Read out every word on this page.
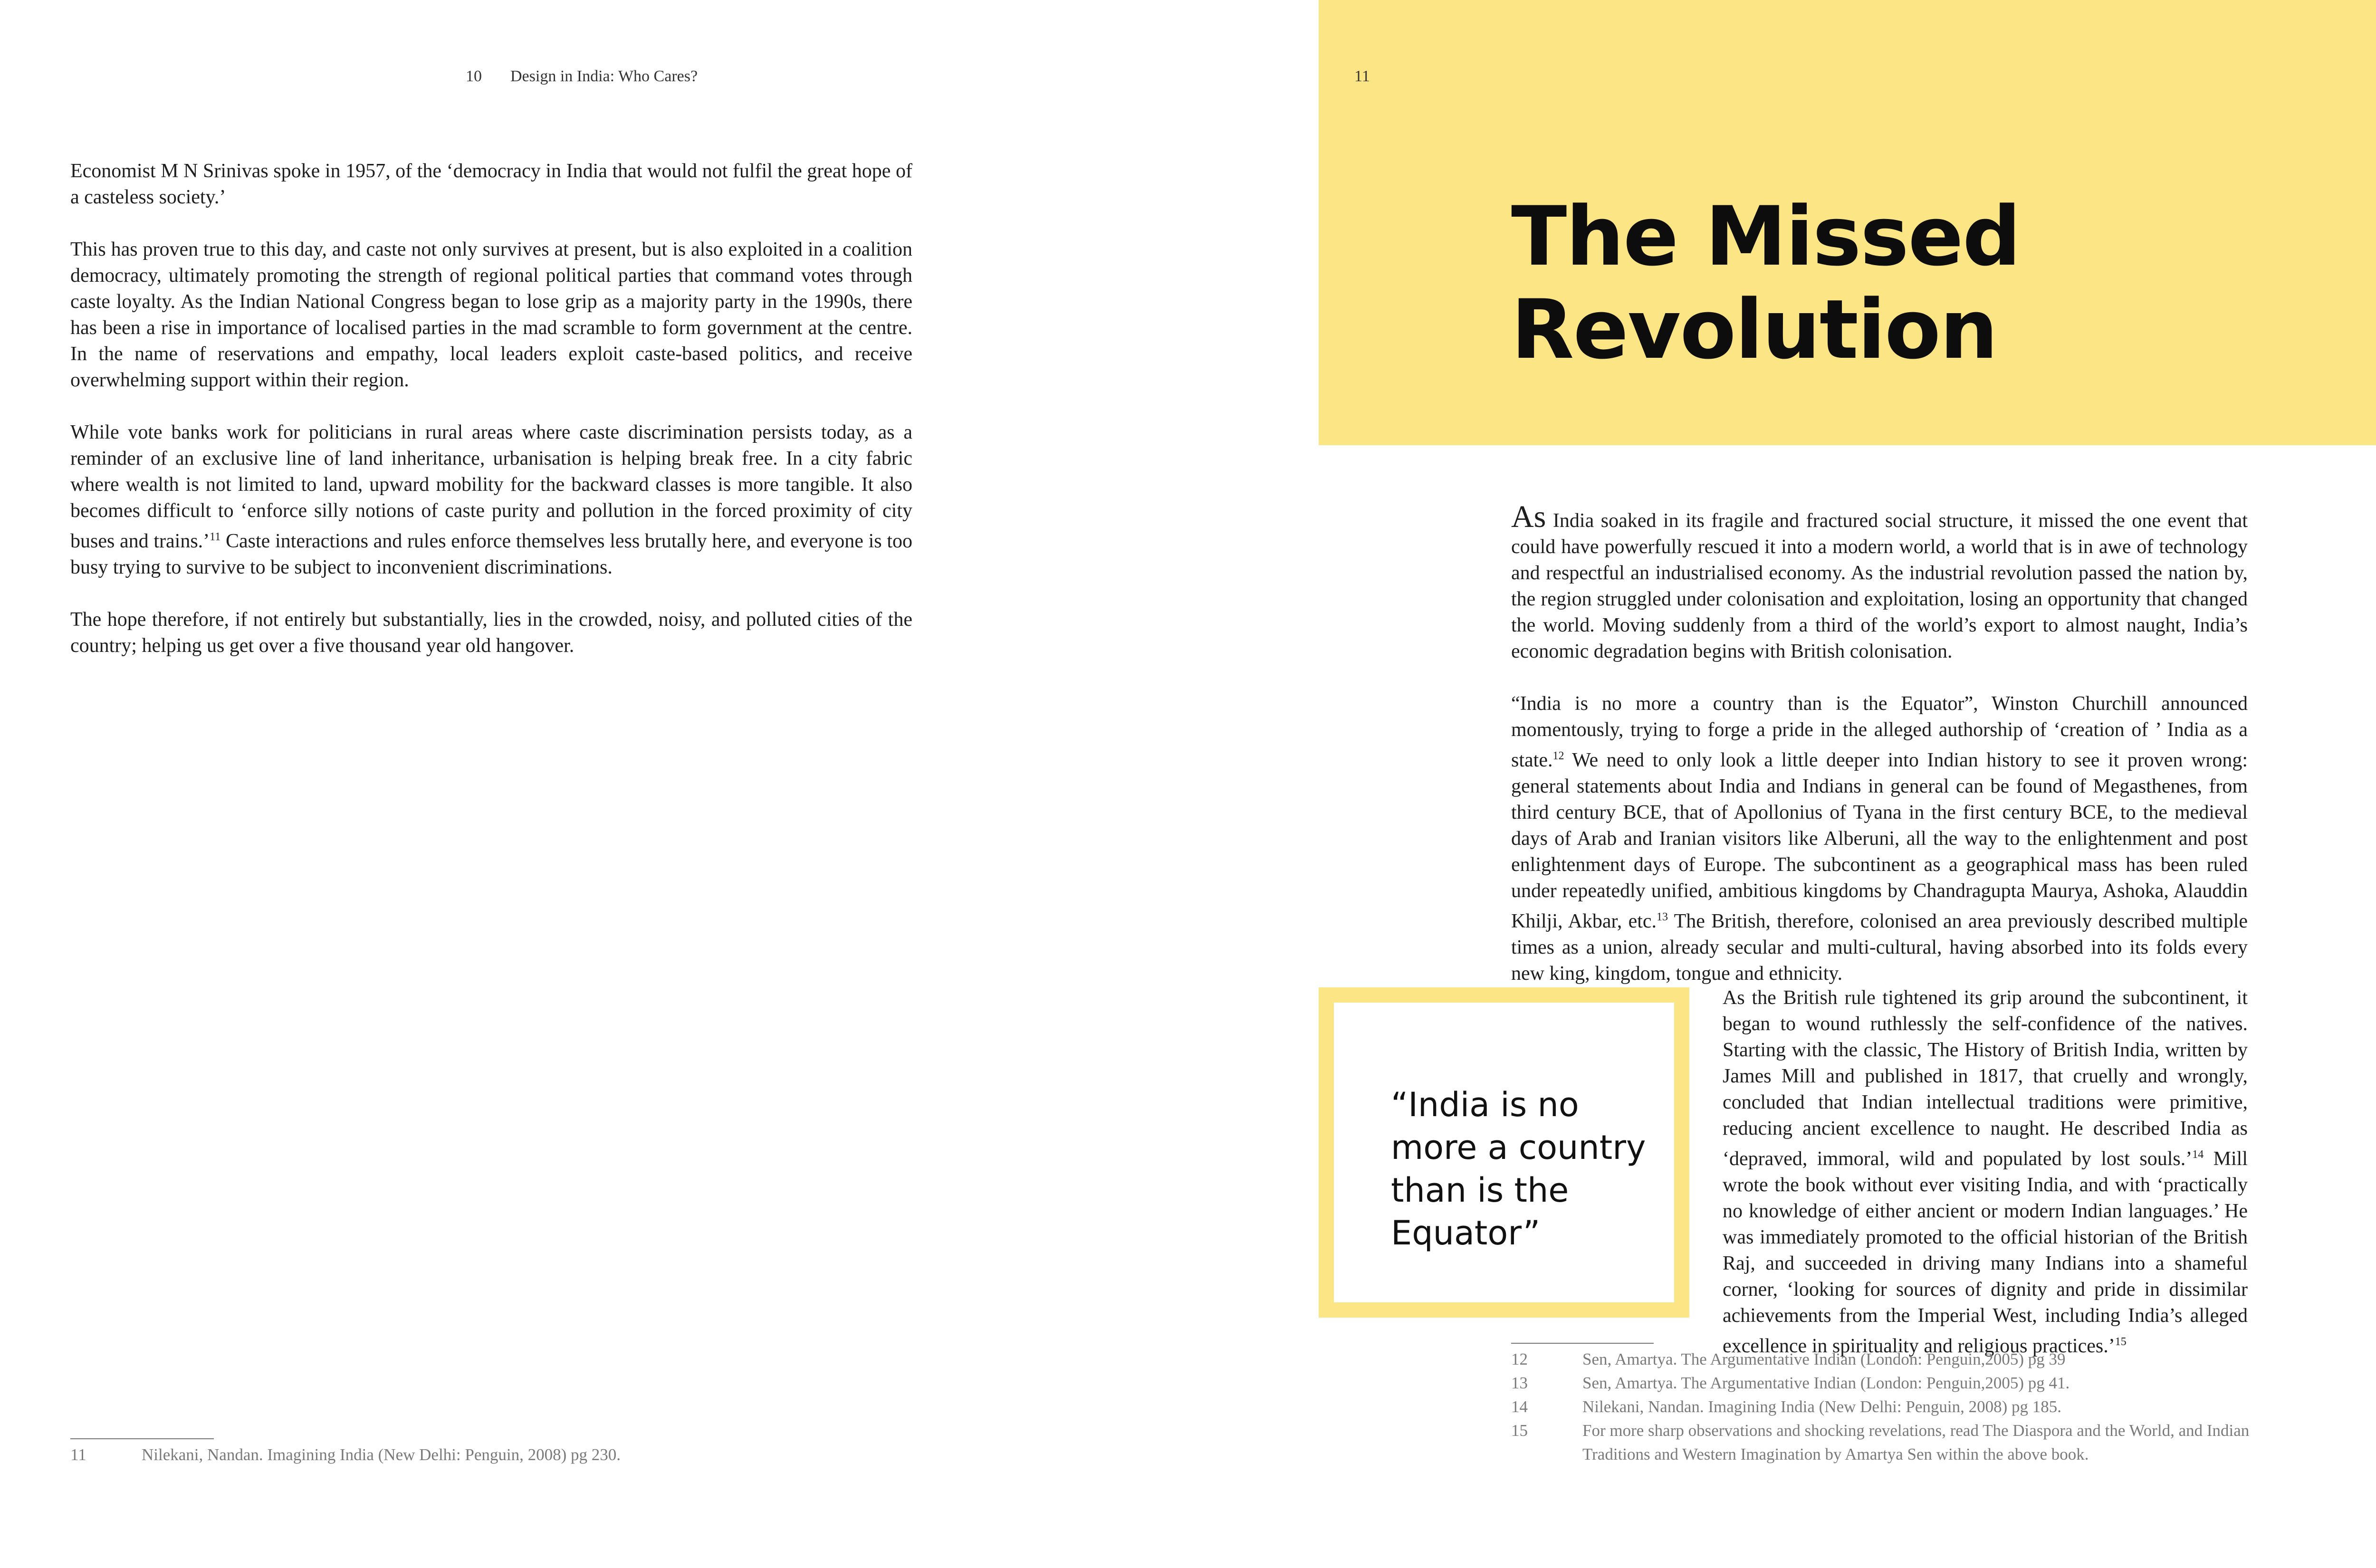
10 Design in India: Who Cares?

Economist M N Srinivas spoke in 1957, of the ‘democracy in India that would not fulfil the great hope of a casteless society.’

This has proven true to this day, and caste not only survives at present, but is also exploited in a coalition democracy, ultimately promoting the strength of regional political parties that command votes through caste loyalty. As the Indian National Congress began to lose grip as a majority party in the 1990s, there has been a rise in importance of localised parties in the mad scramble to form government at the centre. In the name of reservations and empathy, local leaders exploit caste-based politics, and receive overwhelming support within their region.

While vote banks work for politicians in rural areas where caste discrimination persists today, as a reminder of an exclusive line of land inheritance, urbanisation is helping break free. In a city fabric where wealth is not limited to land, upward mobility for the backward classes is more tangible. It also becomes difficult to ‘enforce silly notions of caste purity and pollution in the forced proximity of city buses and trains.’$^{11}$ Caste interactions and rules enforce themselves less brutally here, and everyone is too busy trying to survive to be subject to inconvenient discriminations.

The hope therefore, if not entirely but substantially, lies in the crowded, noisy, and polluted cities of the country; helping us get over a five thousand year old hangover.

11	Nilekani, Nandan. Imagining India (New Delhi: Penguin, 2008) pg 230.
11
The Missed
Revolution

As India soaked in its fragile and fractured social structure, it missed the one event that could have powerfully rescued it into a modern world, a world that is in awe of technology and respectful an industrialised economy. As the industrial revolution passed the nation by, the region struggled under colonisation and exploitation, losing an opportunity that changed the world. Moving suddenly from a third of the world’s export to almost naught, India’s economic degradation begins with British colonisation.

“India is no more a country than is the Equator”, Winston Churchill announced momentously, trying to forge a pride in the alleged authorship of ‘creation of ’ India as a state.$^{12}$ We need to only look a little deeper into Indian history to see it proven wrong: general statements about India and Indians in general can be found of Megasthenes, from third century BCE, that of Apollonius of Tyana in the first century BCE, to the medieval days of Arab and Iranian visitors like Alberuni, all the way to the enlightenment and post enlightenment days of Europe. The subcontinent as a geographical mass has been ruled under repeatedly unified, ambitious kingdoms by Chandragupta Maurya, Ashoka, Alauddin Khilji, Akbar, etc.$^{13}$ The British, therefore, colonised an area previously described multiple times as a union, already secular and multi-cultural, having absorbed into its folds every new king, kingdom, tongue and ethnicity.

“India is no more a country than is the Equator”

As the British rule tightened its grip around the subcontinent, it began to wound ruthlessly the self-confidence of the natives. Starting with the classic, The History of British India, written by James Mill and published in 1817, that cruelly and wrongly, concluded that Indian intellectual traditions were primitive, reducing ancient excellence to naught. He described India as ‘depraved, immoral, wild and populated by lost souls.’$^{14}$ Mill wrote the book without ever visiting India, and with ‘practically no knowledge of either ancient or modern Indian languages.’ He was immediately promoted to the official historian of the British Raj, and succeeded in driving many Indians into a shameful corner, ‘looking for sources of dignity and pride in dissimilar achievements from the Imperial West, including India’s alleged excellence in spirituality and religious practices.’$^{15}$

12	Sen, Amartya. The Argumentative Indian (London: Penguin,2005) pg 39
13	Sen, Amartya. The Argumentative Indian (London: Penguin,2005) pg 41.
14	Nilekani, Nandan. Imagining India (New Delhi: Penguin, 2008) pg 185.
15	For more sharp observations and shocking revelations, read The Diaspora and the World, and Indian Traditions and Western Imagination by Amartya Sen within the above book.
